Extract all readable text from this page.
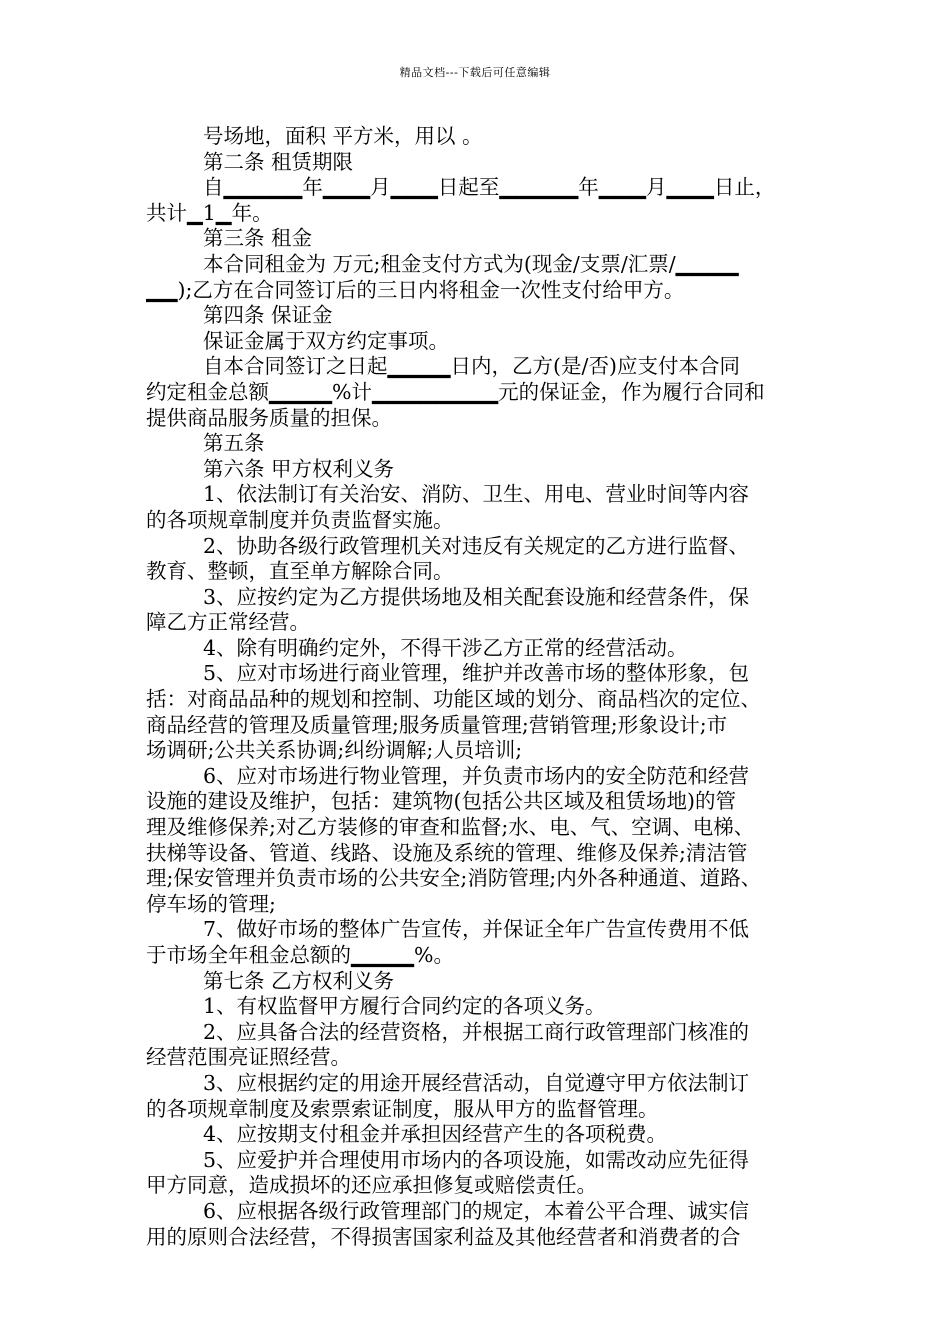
精品文档---下载后可任意编辑
号场地，面积 平方米，用以 。
第二条 租赁期限
自▁▁▁▁▁年▁▁▁月▁▁▁日起至▁▁▁▁▁年▁▁▁月▁▁▁日止，
共计▁1▁年。
第三条 租金
本合同租金为 万元;租金支付方式为(现金/支票/汇票/▁▁▁▁
▁▁);乙方在合同签订后的三日内将租金一次性支付给甲方。
第四条 保证金
保证金属于双方约定事项。
自本合同签订之日起▁▁▁▁日内，乙方(是/否)应支付本合同
约定租金总额▁▁▁▁%计▁▁▁▁▁▁▁▁元的保证金，作为履行合同和
提供商品服务质量的担保。
第五条
第六条 甲方权利义务
1、依法制订有关治安、消防、卫生、用电、营业时间等内容
的各项规章制度并负责监督实施。
2、协助各级行政管理机关对违反有关规定的乙方进行监督、
教育、整顿，直至单方解除合同。
3、应按约定为乙方提供场地及相关配套设施和经营条件，保
障乙方正常经营。
4、除有明确约定外，不得干涉乙方正常的经营活动。
5、应对市场进行商业管理，维护并改善市场的整体形象，包
括：对商品品种的规划和控制、功能区域的划分、商品档次的定位、
商品经营的管理及质量管理;服务质量管理;营销管理;形象设计;市
场调研;公共关系协调;纠纷调解;人员培训;
6、应对市场进行物业管理，并负责市场内的安全防范和经营
设施的建设及维护，包括：建筑物(包括公共区域及租赁场地)的管
理及维修保养;对乙方装修的审查和监督;水、电、气、空调、电梯、
扶梯等设备、管道、线路、设施及系统的管理、维修及保养;清洁管
理;保安管理并负责市场的公共安全;消防管理;内外各种通道、道路、
停车场的管理;
7、做好市场的整体广告宣传，并保证全年广告宣传费用不低
于市场全年租金总额的▁▁▁▁%。
第七条 乙方权利义务
1、有权监督甲方履行合同约定的各项义务。
2、应具备合法的经营资格，并根据工商行政管理部门核准的
经营范围亮证照经营。
3、应根据约定的用途开展经营活动，自觉遵守甲方依法制订
的各项规章制度及索票索证制度，服从甲方的监督管理。
4、应按期支付租金并承担因经营产生的各项税费。
5、应爱护并合理使用市场内的各项设施，如需改动应先征得
甲方同意，造成损坏的还应承担修复或赔偿责任。
6、应根据各级行政管理部门的规定，本着公平合理、诚实信
用的原则合法经营，不得损害国家利益及其他经营者和消费者的合
